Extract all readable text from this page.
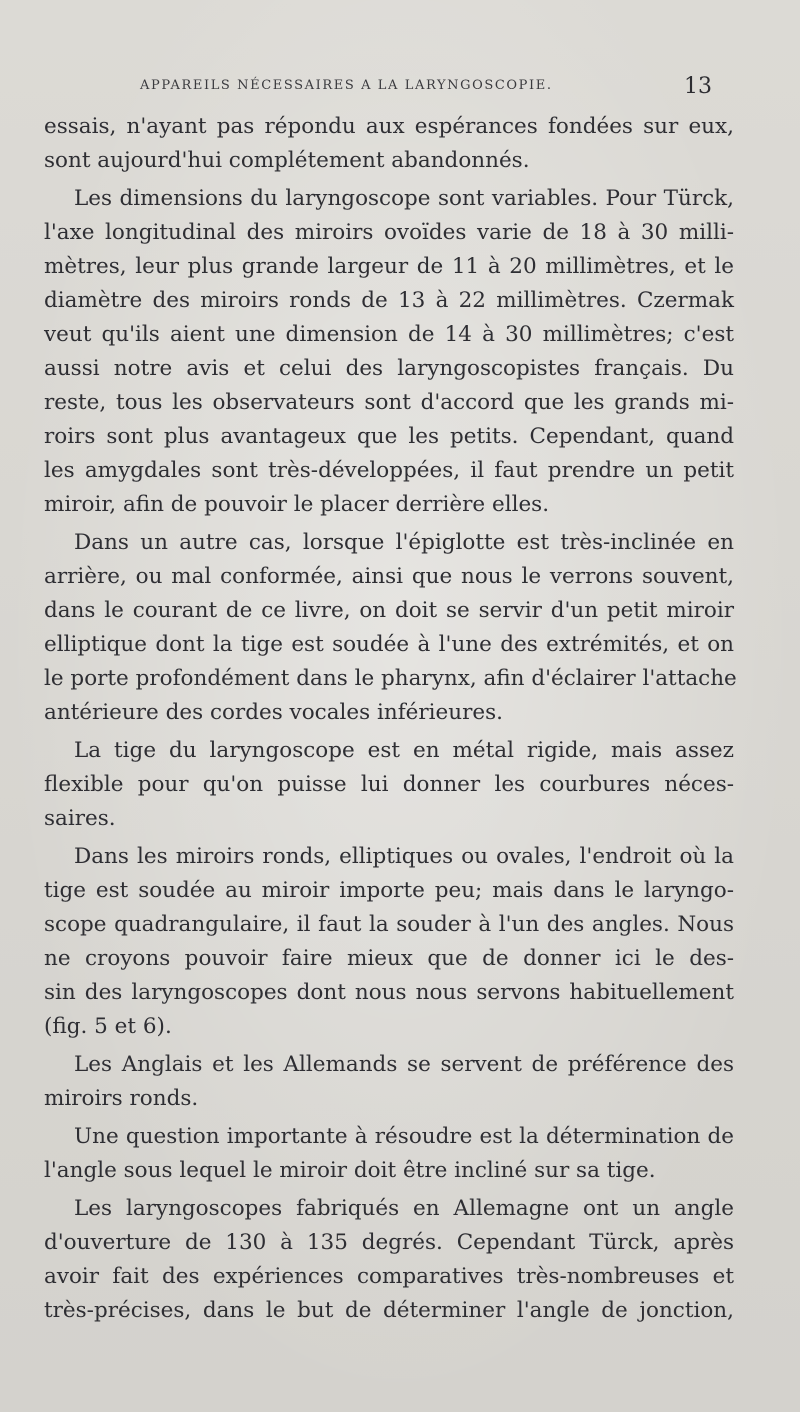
APPAREILS NÉCESSAIRES A LA LARYNGOSCOPIE.	13
essais, n'ayant pas répondu aux espérances fondées sur eux,
sont aujourd'hui complétement abandonnés.
Les dimensions du laryngoscope sont variables. Pour Türck,
l'axe longitudinal des miroirs ovoïdes varie de 18 à 30 milli-
mètres, leur plus grande largeur de 11 à 20 millimètres, et le
diamètre des miroirs ronds de 13 à 22 millimètres. Czermak
veut qu'ils aient une dimension de 14 à 30 millimètres; c'est
aussi notre avis et celui des laryngoscopistes français. Du
reste, tous les observateurs sont d'accord que les grands mi-
roirs sont plus avantageux que les petits. Cependant, quand
les amygdales sont très-développées, il faut prendre un petit
miroir, afin de pouvoir le placer derrière elles.
Dans un autre cas, lorsque l'épiglotte est très-inclinée en
arrière, ou mal conformée, ainsi que nous le verrons souvent,
dans le courant de ce livre, on doit se servir d'un petit miroir
elliptique dont la tige est soudée à l'une des extrémités, et on
le porte profondément dans le pharynx, afin d'éclairer l'attache
antérieure des cordes vocales inférieures.
La tige du laryngoscope est en métal rigide, mais assez
flexible pour qu'on puisse lui donner les courbures néces-
saires.
Dans les miroirs ronds, elliptiques ou ovales, l'endroit où la
tige est soudée au miroir importe peu; mais dans le laryngo-
scope quadrangulaire, il faut la souder à l'un des angles. Nous
ne croyons pouvoir faire mieux que de donner ici le des-
sin des laryngoscopes dont nous nous servons habituellement
(fig. 5 et 6).
Les Anglais et les Allemands se servent de préférence des
miroirs ronds.
Une question importante à résoudre est la détermination de
l'angle sous lequel le miroir doit être incliné sur sa tige.
Les laryngoscopes fabriqués en Allemagne ont un angle
d'ouverture de 130 à 135 degrés. Cependant Türck, après
avoir fait des expériences comparatives très-nombreuses et
très-précises, dans le but de déterminer l'angle de jonction,
